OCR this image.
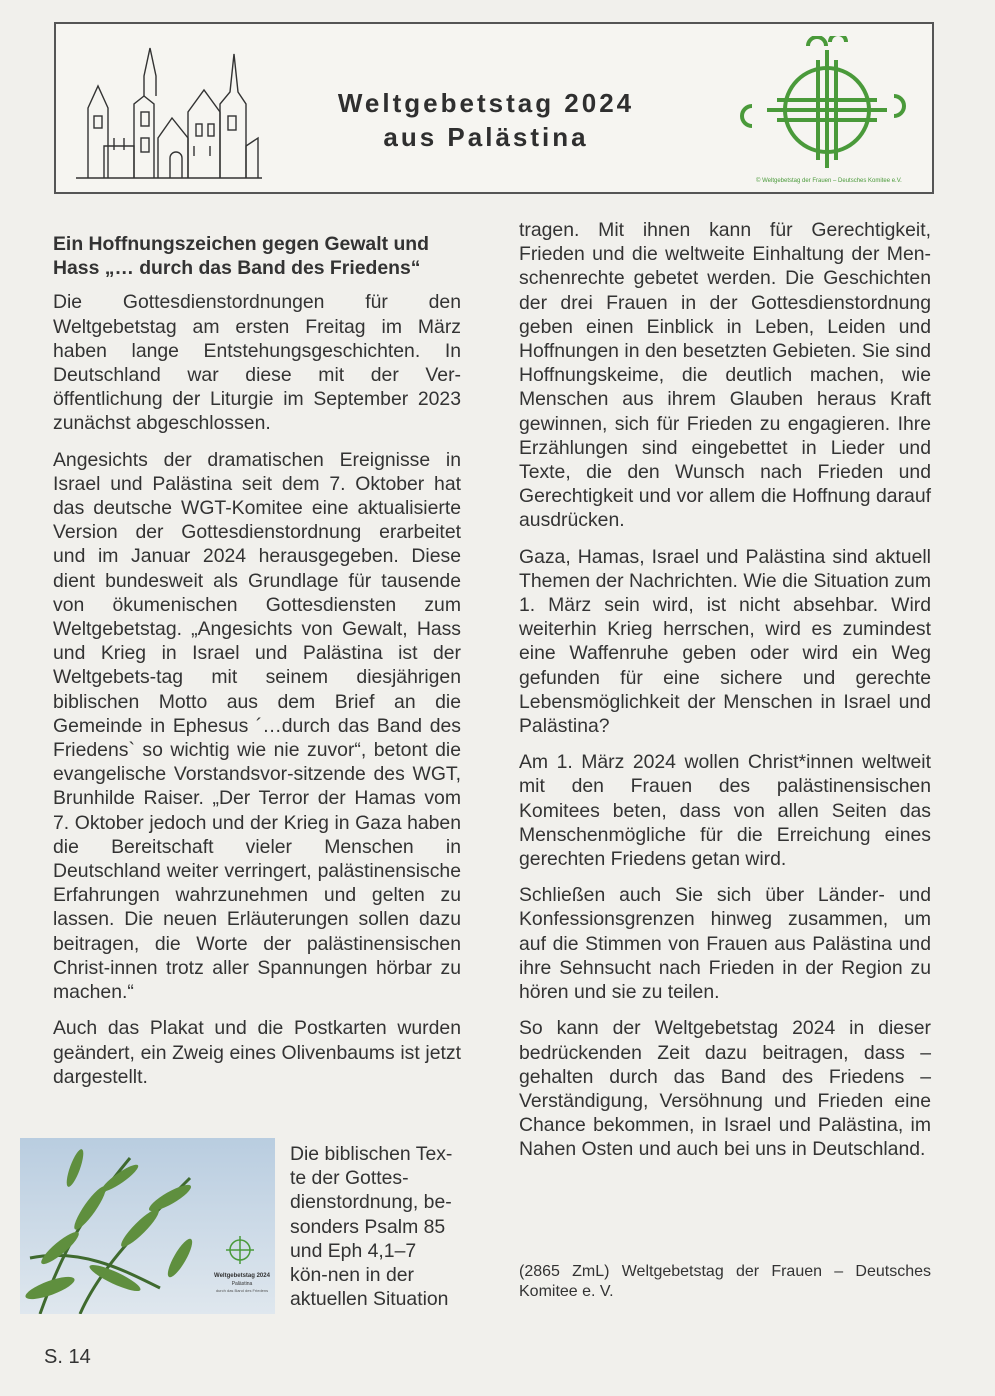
Weltgebetstag 2024
aus Palästina
© Weltgebetstag der Frauen – Deutsches Komitee e.V.

Ein Hoffnungszeichen gegen Gewalt und Hass „… durch das Band des Friedens“

Die Gottesdienstordnungen für den Weltgebetstag am ersten Freitag im März haben lange Entstehungsgeschichten. In Deutschland war diese mit der Ver-öffentlichung der Liturgie im September 2023 zunächst abgeschlossen.

Angesichts der dramatischen Ereignisse in Israel und Palästina seit dem 7. Oktober hat das deutsche WGT-Komitee eine aktualisierte Version der Gottesdienstordnung erarbeitet und im Januar 2024 herausgegeben. Diese dient bundesweit als Grundlage für tausende von ökumenischen Gottesdiensten zum Weltgebetstag. „Angesichts von Gewalt, Hass und Krieg in Israel und Palästina ist der Weltgebets-tag mit seinem diesjährigen biblischen Motto aus dem Brief an die Gemeinde in Ephesus ´…durch das Band des Friedens` so wichtig wie nie zuvor“, betont die evangelische Vorstandsvor-sitzende des WGT, Brunhilde Raiser. „Der Terror der Hamas vom 7. Oktober jedoch und der Krieg in Gaza haben die Bereitschaft vieler Menschen in Deutschland weiter verringert, palästinensische Erfahrungen wahrzunehmen und gelten zu lassen. Die neuen Erläuterungen sollen dazu beitragen, die Worte der palästinensischen Christ-innen trotz aller Spannungen hörbar zu machen.“

Auch das Plakat und die Postkarten wurden geändert, ein Zweig eines Olivenbaums ist jetzt dargestellt.

Weltgebetstag 2024
Palästina
durch das Band des Friedens
Die biblischen Tex-
te der Gottes-
dienstordnung, be-
sonders Psalm 85
und Eph 4,1–7
kön-nen in der
aktuellen Situation

tragen. Mit ihnen kann für Gerechtigkeit, Frieden und die weltweite Einhaltung der Men-schenrechte gebetet werden. Die Geschichten der drei Frauen in der Gottesdienstordnung geben einen Einblick in Leben, Leiden und Hoffnungen in den besetzten Gebieten. Sie sind Hoffnungskeime, die deutlich machen, wie Menschen aus ihrem Glauben heraus Kraft gewinnen, sich für Frieden zu engagieren. Ihre Erzählungen sind eingebettet in Lieder und Texte, die den Wunsch nach Frieden und Gerechtigkeit und vor allem die Hoffnung darauf ausdrücken.

Gaza, Hamas, Israel und Palästina sind aktuell Themen der Nachrichten. Wie die Situation zum 1. März sein wird, ist nicht absehbar. Wird weiterhin Krieg herrschen, wird es zumindest eine Waffenruhe geben oder wird ein Weg gefunden für eine sichere und gerechte Lebensmöglichkeit der Menschen in Israel und Palästina?

Am 1. März 2024 wollen Christ*innen weltweit mit den Frauen des palästinensischen Komitees beten, dass von allen Seiten das Menschenmögliche für die Erreichung eines gerechten Friedens getan wird.

Schließen auch Sie sich über Länder- und Konfessionsgrenzen hinweg zusammen, um auf die Stimmen von Frauen aus Palästina und ihre Sehnsucht nach Frieden in der Region zu hören und sie zu teilen.

So kann der Weltgebetstag 2024 in dieser bedrückenden Zeit dazu beitragen, dass – gehalten durch das Band des Friedens – Verständigung, Versöhnung und Frieden eine Chance bekommen, in Israel und Palästina, im Nahen Osten und auch bei uns in Deutschland.

(2865 ZmL) Weltgebetstag der Frauen – Deutsches Komitee e. V.
S. 14
